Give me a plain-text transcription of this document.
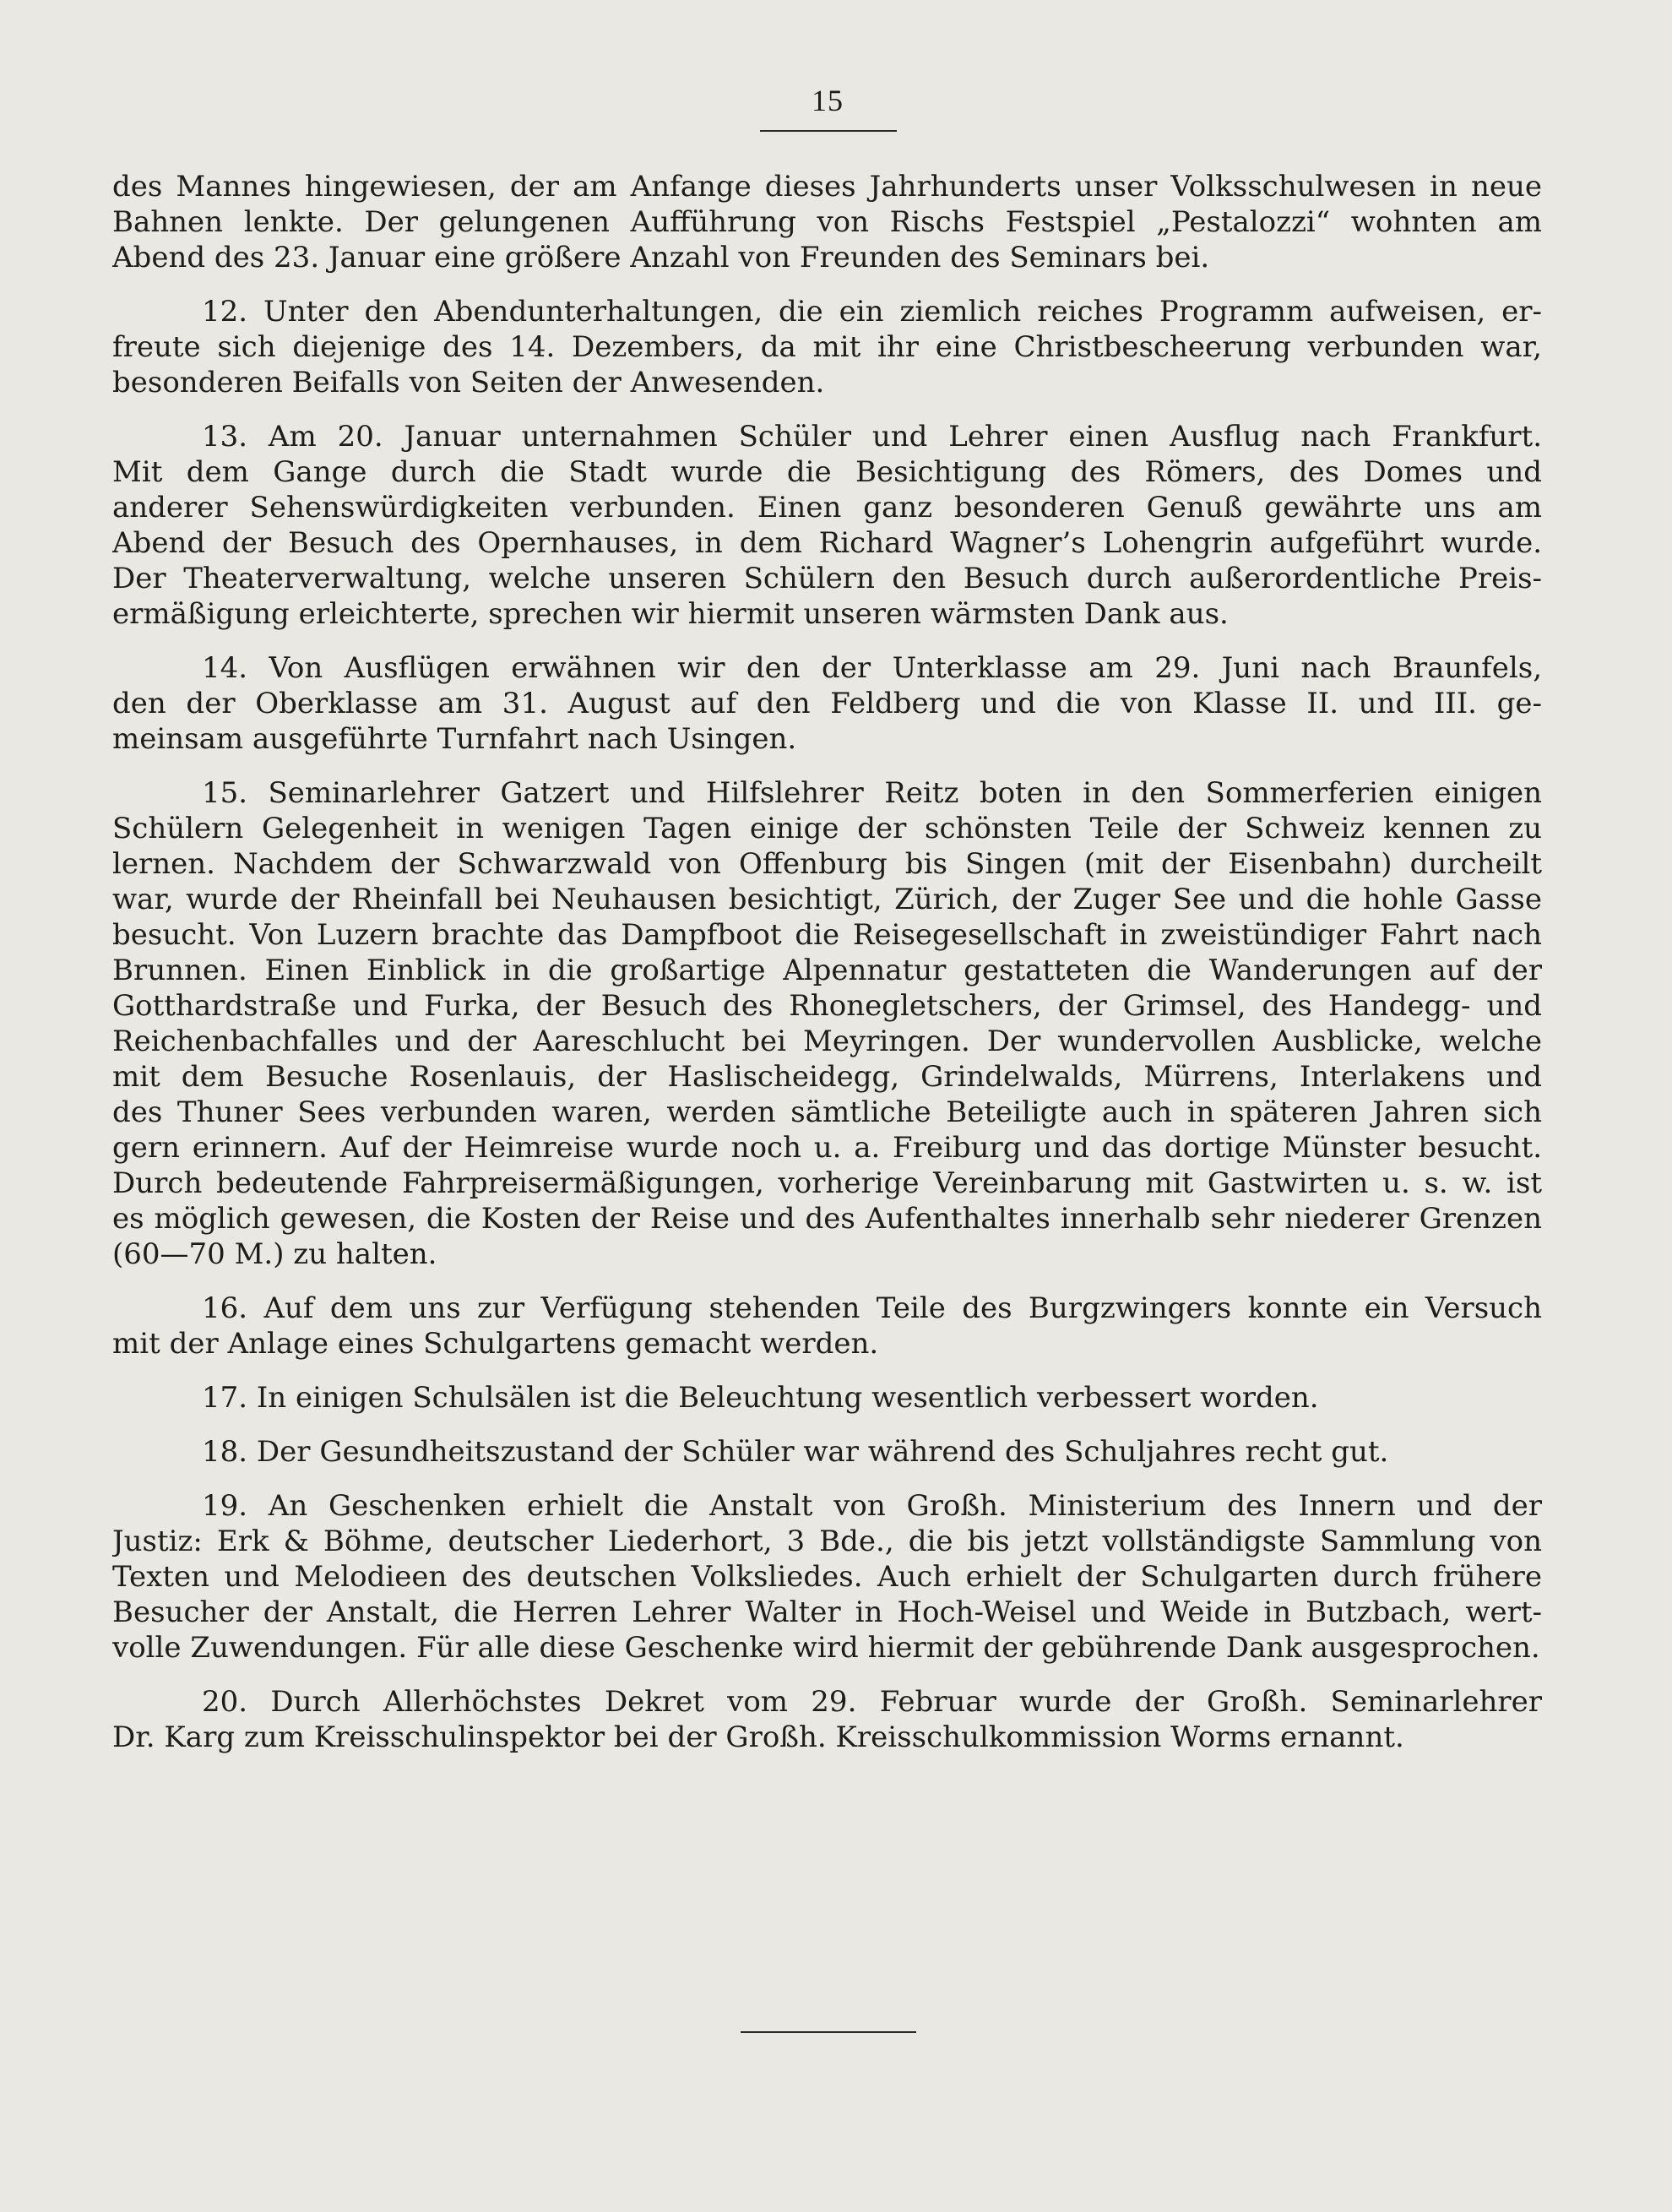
15
des Mannes hingewiesen, der am Anfange dieses Jahrhunderts unser Volksschulwesen in neue
Bahnen lenkte. Der gelungenen Aufführung von Rischs Festspiel „Pestalozzi“ wohnten am
Abend des 23. Januar eine größere Anzahl von Freunden des Seminars bei.
12. Unter den Abendunterhaltungen, die ein ziemlich reiches Programm aufweisen, er-
freute sich diejenige des 14. Dezembers, da mit ihr eine Christbescheerung verbunden war,
besonderen Beifalls von Seiten der Anwesenden.
13. Am 20. Januar unternahmen Schüler und Lehrer einen Ausflug nach Frankfurt.
Mit dem Gange durch die Stadt wurde die Besichtigung des Römers, des Domes und
anderer Sehenswürdigkeiten verbunden. Einen ganz besonderen Genuß gewährte uns am
Abend der Besuch des Opernhauses, in dem Richard Wagner’s Lohengrin aufgeführt wurde.
Der Theaterverwaltung, welche unseren Schülern den Besuch durch außerordentliche Preis-
ermäßigung erleichterte, sprechen wir hiermit unseren wärmsten Dank aus.
14. Von Ausflügen erwähnen wir den der Unterklasse am 29. Juni nach Braunfels,
den der Oberklasse am 31. August auf den Feldberg und die von Klasse II. und III. ge-
meinsam ausgeführte Turnfahrt nach Usingen.
15. Seminarlehrer Gatzert und Hilfslehrer Reitz boten in den Sommerferien einigen
Schülern Gelegenheit in wenigen Tagen einige der schönsten Teile der Schweiz kennen zu
lernen. Nachdem der Schwarzwald von Offenburg bis Singen (mit der Eisenbahn) durcheilt
war, wurde der Rheinfall bei Neuhausen besichtigt, Zürich, der Zuger See und die hohle Gasse
besucht. Von Luzern brachte das Dampfboot die Reisegesellschaft in zweistündiger Fahrt nach
Brunnen. Einen Einblick in die großartige Alpennatur gestatteten die Wanderungen auf der
Gotthardstraße und Furka, der Besuch des Rhonegletschers, der Grimsel, des Handegg- und
Reichenbachfalles und der Aareschlucht bei Meyringen. Der wundervollen Ausblicke, welche
mit dem Besuche Rosenlauis, der Haslischeidegg, Grindelwalds, Mürrens, Interlakens und
des Thuner Sees verbunden waren, werden sämtliche Beteiligte auch in späteren Jahren sich
gern erinnern. Auf der Heimreise wurde noch u. a. Freiburg und das dortige Münster besucht.
Durch bedeutende Fahrpreisermäßigungen, vorherige Vereinbarung mit Gastwirten u. s. w. ist
es möglich gewesen, die Kosten der Reise und des Aufenthaltes innerhalb sehr niederer Grenzen
(60—70 M.) zu halten.
16. Auf dem uns zur Verfügung stehenden Teile des Burgzwingers konnte ein Versuch
mit der Anlage eines Schulgartens gemacht werden.
17. In einigen Schulsälen ist die Beleuchtung wesentlich verbessert worden.
18. Der Gesundheitszustand der Schüler war während des Schuljahres recht gut.
19. An Geschenken erhielt die Anstalt von Großh. Ministerium des Innern und der
Justiz: Erk & Böhme, deutscher Liederhort, 3 Bde., die bis jetzt vollständigste Sammlung von
Texten und Melodieen des deutschen Volksliedes. Auch erhielt der Schulgarten durch frühere
Besucher der Anstalt, die Herren Lehrer Walter in Hoch-Weisel und Weide in Butzbach, wert-
volle Zuwendungen. Für alle diese Geschenke wird hiermit der gebührende Dank ausgesprochen.
20. Durch Allerhöchstes Dekret vom 29. Februar wurde der Großh. Seminarlehrer
Dr. Karg zum Kreisschulinspektor bei der Großh. Kreisschulkommission Worms ernannt.
